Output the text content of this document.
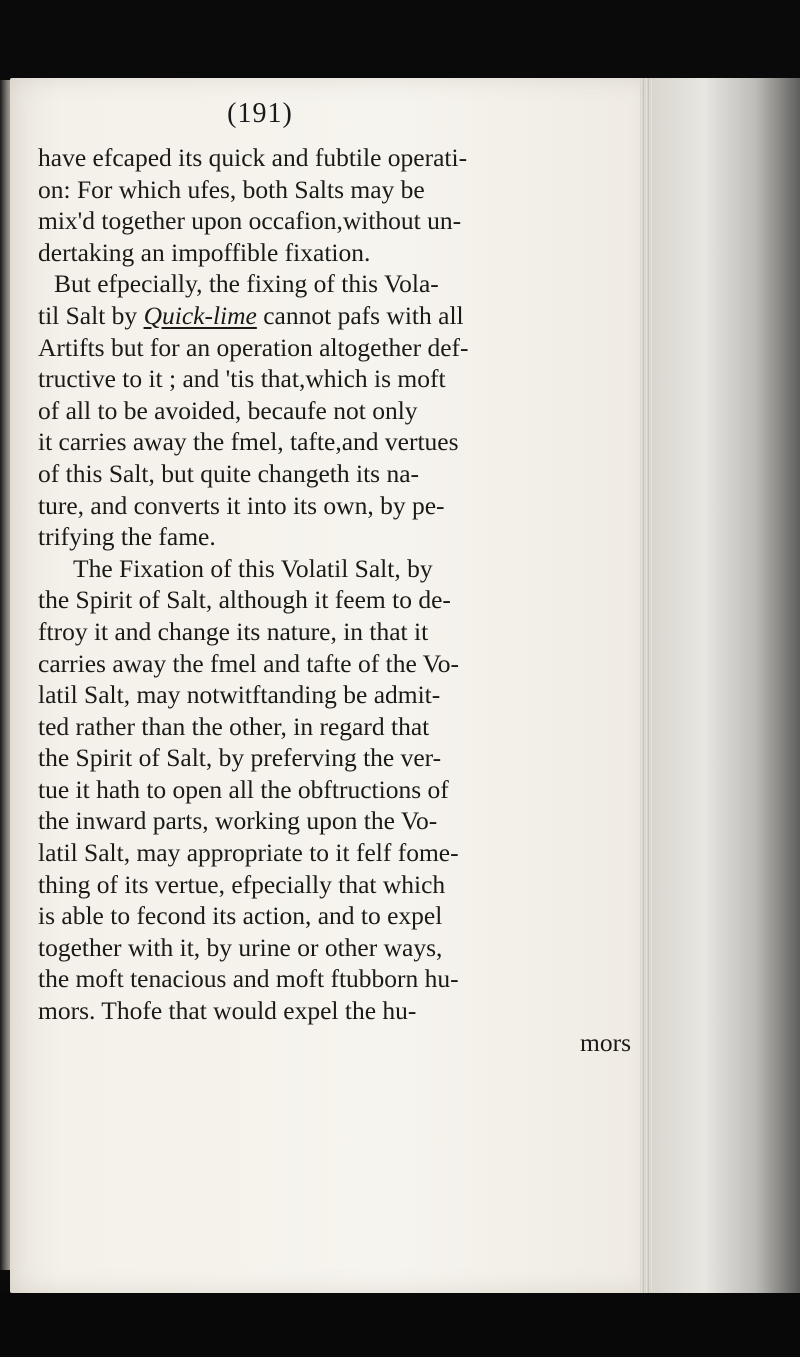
(191)
have efcaped its quick and fubtile operati-
on: For which ufes, both Salts may be
mix'd together upon occafion,without un-
dertaking an impoffible fixation.
But efpecially, the fixing of this Vola-
til Salt by Quick-lime cannot pafs with all
Artifts but for an operation altogether def-
tructive to it ; and 'tis that,which is moft
of all to be avoided, becaufe not only
it carries away the fmel, tafte,and vertues
of this Salt, but quite changeth its na-
ture, and converts it into its own, by pe-
trifying the fame.
The Fixation of this Volatil Salt, by
the Spirit of Salt, although it feem to de-
ftroy it and change its nature, in that it
carries away the fmel and tafte of the Vo-
latil Salt, may notwitftanding be admit-
ted rather than the other, in regard that
the Spirit of Salt, by preferving the ver-
tue it hath to open all the obftructions of
the inward parts, working upon the Vo-
latil Salt, may appropriate to it felf fome-
thing of its vertue, efpecially that which
is able to fecond its action, and to expel
together with it, by urine or other ways,
the moft tenacious and moft ftubborn hu-
mors. Thofe that would expel the hu-
mors
